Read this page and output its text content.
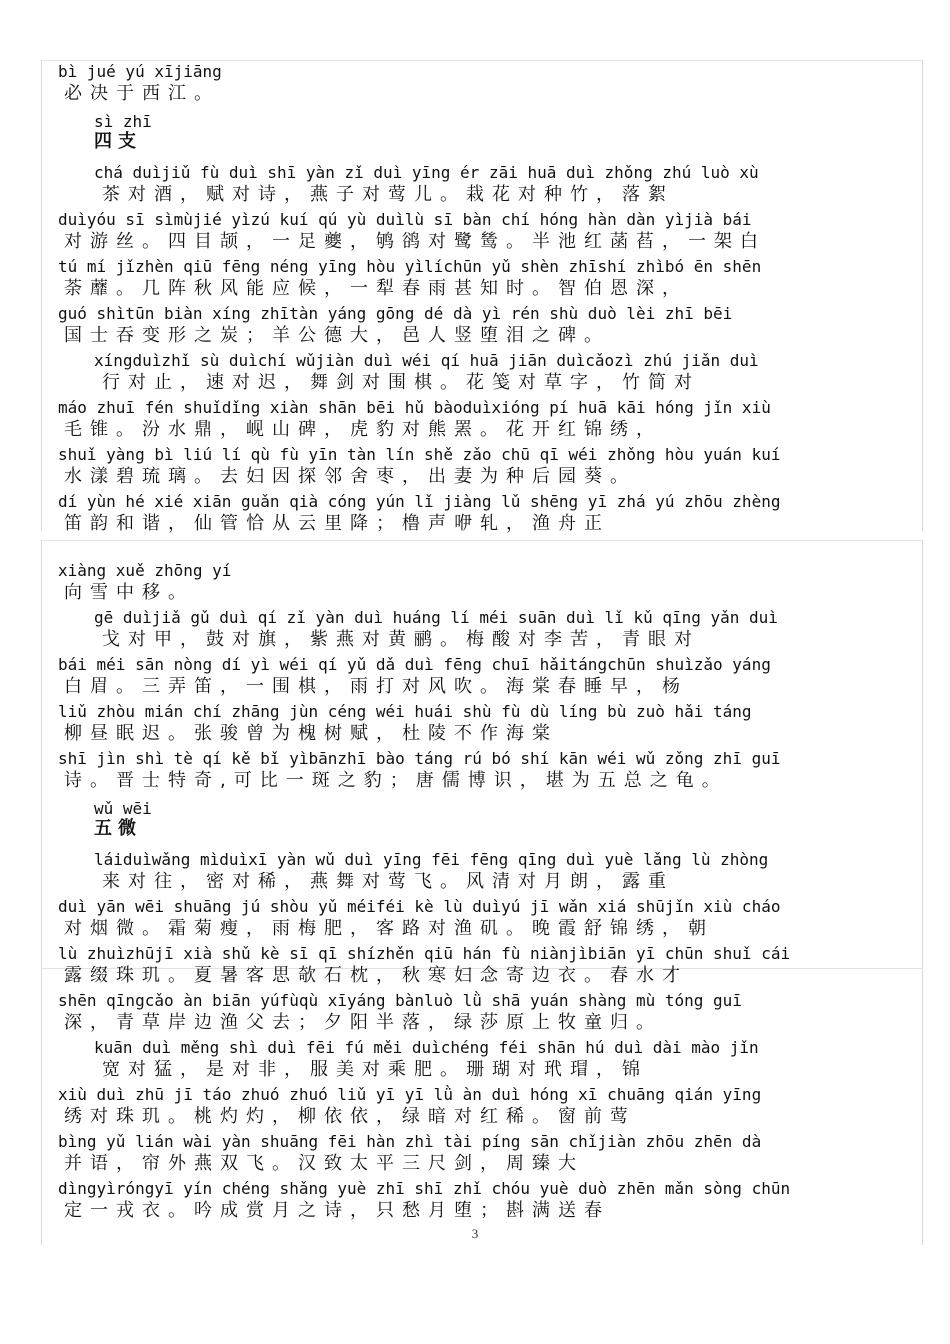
bì jué yú xījiāng
必决于西江。
sì zhī
四支
chá duìjiǔ fù duì shī yàn zǐ duì yīng ér zāi huā duì zhǒng zhú luò xù
茶对酒，赋对诗，燕子对莺儿。栽花对种竹，落絮
duìyóu sī sìmùjié yìzú kuí qú yù duìlù sī bàn chí hóng hàn dàn yìjià bái
对游丝。四目颉，一足夔，鸲鹆对鹭鸶。半池红菡萏，一架白
tú mí jǐzhèn qiū fēng néng yīng hòu yìlíchūn yǔ shèn zhīshí zhìbó ēn shēn
荼蘼。几阵秋风能应候，一犁春雨甚知时。智伯恩深，
guó shìtūn biàn xíng zhītàn yáng gōng dé dà yì rén shù duò lèi zhī bēi
国士吞变形之炭；羊公德大，邑人竖堕泪之碑。
xíngduìzhǐ sù duìchí wǔjiàn duì wéi qí huā jiān duìcǎozì zhú jiǎn duì
行对止，速对迟，舞剑对围棋。花笺对草字，竹简对
máo zhuī fén shuǐdǐng xiàn shān bēi hǔ bàoduìxióng pí huā kāi hóng jǐn xiù
毛锥。汾水鼎，岘山碑，虎豹对熊罴。花开红锦绣，
shuǐ yàng bì liú lí qù fù yīn tàn lín shě zǎo chū qī wéi zhǒng hòu yuán kuí
水漾碧琉璃。去妇因探邻舍枣，出妻为种后园葵。
dí yùn hé xié xiān guǎn qià cóng yún lǐ jiàng lǔ shēng yī zhá yú zhōu zhèng
笛韵和谐，仙管恰从云里降；橹声咿轧，渔舟正
xiàng xuě zhōng yí
向雪中移。
gē duìjiǎ gǔ duì qí zǐ yàn duì huáng lí méi suān duì lǐ kǔ qīng yǎn duì
戈对甲，鼓对旗，紫燕对黄鹂。梅酸对李苦，青眼对
bái méi sān nòng dí yì wéi qí yǔ dǎ duì fēng chuī hǎitángchūn shuìzǎo yáng
白眉。三弄笛，一围棋，雨打对风吹。海棠春睡早，杨
liǔ zhòu mián chí zhāng jùn céng wéi huái shù fù dù líng bù zuò hǎi táng
柳昼眠迟。张骏曾为槐树赋，杜陵不作海棠
shī jìn shì tè qí kě bǐ yìbānzhī bào táng rú bó shí kān wéi wǔ zǒng zhī guī
诗。晋士特奇,可比一斑之豹；唐儒博识，堪为五总之龟。
wǔ wēi
五微
láiduìwǎng mìduìxī yàn wǔ duì yīng fēi fēng qīng duì yuè lǎng lù zhòng
来对往，密对稀，燕舞对莺飞。风清对月朗，露重
duì yān wēi shuāng jú shòu yǔ méiféi kè lù duìyú jī wǎn xiá shūjǐn xiù cháo
对烟微。霜菊瘦，雨梅肥，客路对渔矶。晚霞舒锦绣，朝
lù zhuìzhūjī xià shǔ kè sī qī shízhěn qiū hán fù niànjìbiān yī chūn shuǐ cái
露缀珠玑。夏暑客思欹石枕，秋寒妇念寄边衣。春水才
shēn qīngcǎo àn biān yúfùqù xīyáng bànluò lǜ shā yuán shàng mù tóng guī
深，青草岸边渔父去；夕阳半落，绿莎原上牧童归。
kuān duì měng shì duì fēi fú měi duìchéng féi shān hú duì dài mào jǐn
宽对猛，是对非，服美对乘肥。珊瑚对玳瑁，锦
xiù duì zhū jī táo zhuó zhuó liǔ yī yī lǜ àn duì hóng xī chuāng qián yīng
绣对珠玑。桃灼灼，柳依依，绿暗对红稀。窗前莺
bìng yǔ lián wài yàn shuāng fēi hàn zhì tài píng sān chǐjiàn zhōu zhēn dà
并语，帘外燕双飞。汉致太平三尺剑，周臻大
dìngyìróngyī yín chéng shǎng yuè zhī shī zhǐ chóu yuè duò zhēn mǎn sòng chūn
定一戎衣。吟成赏月之诗，只愁月堕；斟满送春
3
